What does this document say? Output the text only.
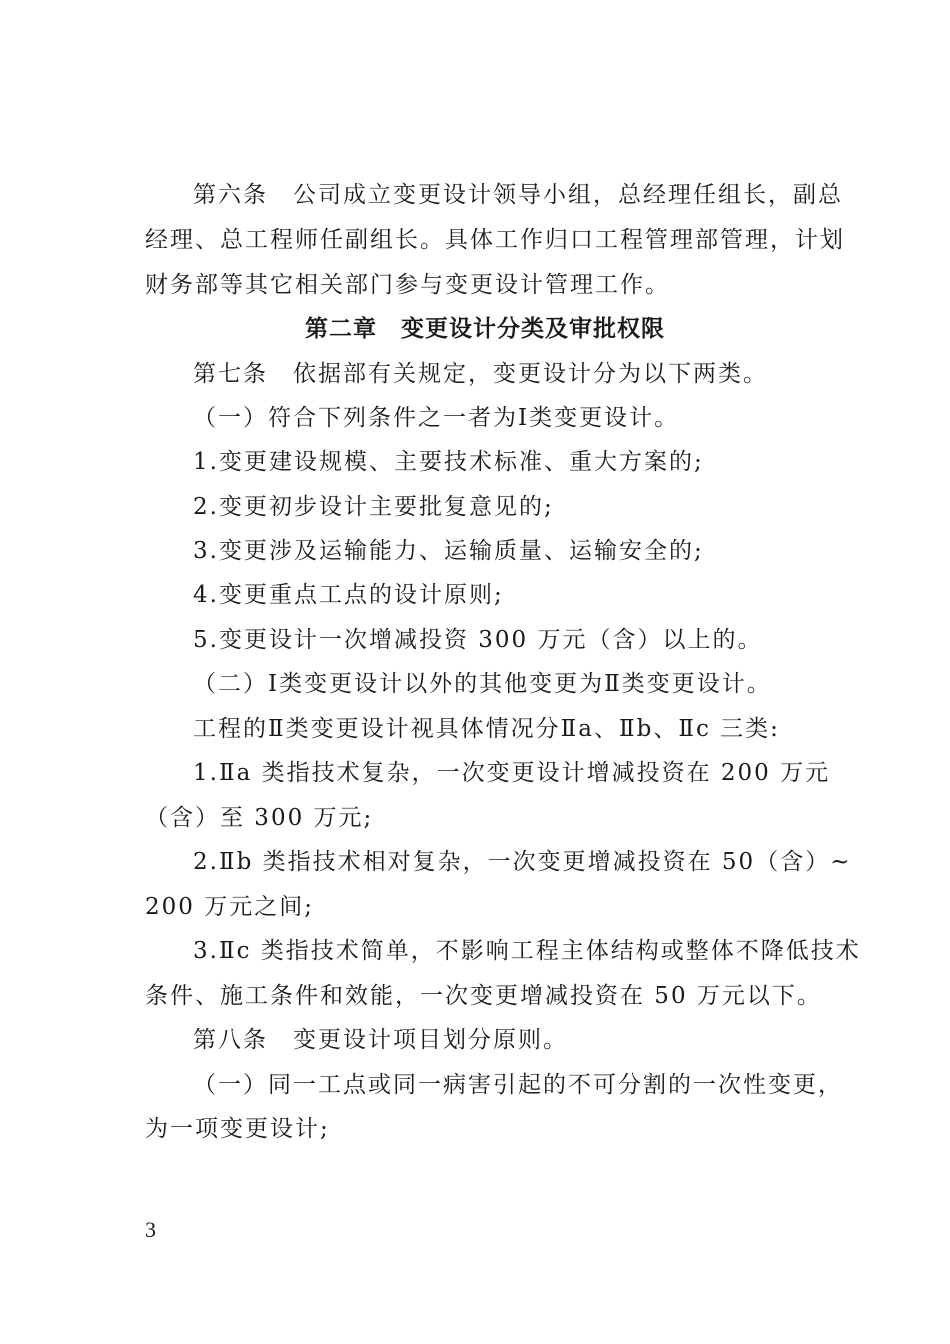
第六条　公司成立变更设计领导小组，总经理任组长，副总
经理、总工程师任副组长。具体工作归口工程管理部管理，计划
财务部等其它相关部门参与变更设计管理工作。
第二章　变更设计分类及审批权限
第七条　依据部有关规定，变更设计分为以下两类。
（一）符合下列条件之一者为Ⅰ类变更设计。
1.变更建设规模、主要技术标准、重大方案的;
2.变更初步设计主要批复意见的;
3.变更涉及运输能力、运输质量、运输安全的;
4.变更重点工点的设计原则;
5.变更设计一次增减投资 300 万元（含）以上的。
（二）Ⅰ类变更设计以外的其他变更为Ⅱ类变更设计。
工程的Ⅱ类变更设计视具体情况分Ⅱa、Ⅱb、Ⅱc 三类:
1.Ⅱa 类指技术复杂，一次变更设计增减投资在 200 万元
（含）至 300 万元;
2.Ⅱb 类指技术相对复杂，一次变更增减投资在 50（含）~
200 万元之间;
3.Ⅱc 类指技术简单，不影响工程主体结构或整体不降低技术
条件、施工条件和效能，一次变更增减投资在 50 万元以下。
第八条　变更设计项目划分原则。
（一）同一工点或同一病害引起的不可分割的一次性变更，
为一项变更设计;
3
